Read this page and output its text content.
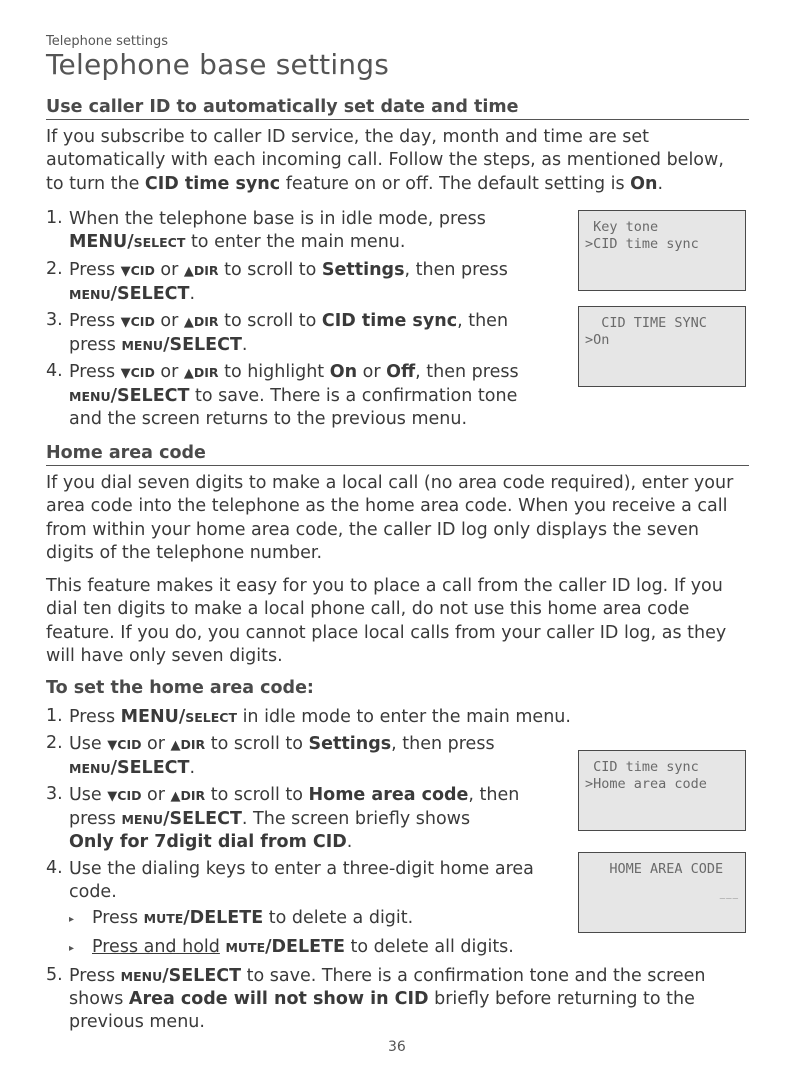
Telephone settings
Telephone base settings
Use caller ID to automatically set date and time
If you subscribe to caller ID service, the day, month and time are set
automatically with each incoming call. Follow the steps, as mentioned below,
to turn the CID time sync feature on or off. The default setting is On.
1. When the telephone base is in idle mode, press
MENU/SELECT to enter the main menu.
2. Press ▼CID or ▲DIR to scroll to Settings, then press
MENU/SELECT.
3. Press ▼CID or ▲DIR to scroll to CID time sync, then
press MENU/SELECT.
4. Press ▼CID or ▲DIR to highlight On or Off, then press
MENU/SELECT to save. There is a confirmation tone
and the screen returns to the previous menu.
Key tone
>CID time sync
CID TIME SYNC
>On
Home area code
If you dial seven digits to make a local call (no area code required), enter your
area code into the telephone as the home area code. When you receive a call
from within your home area code, the caller ID log only displays the seven
digits of the telephone number.
This feature makes it easy for you to place a call from the caller ID log. If you
dial ten digits to make a local phone call, do not use this home area code
feature. If you do, you cannot place local calls from your caller ID log, as they
will have only seven digits.
To set the home area code:
1. Press MENU/SELECT in idle mode to enter the main menu.
2. Use ▼CID or ▲DIR to scroll to Settings, then press
MENU/SELECT.
3. Use ▼CID or ▲DIR to scroll to Home area code, then
press MENU/SELECT. The screen briefly shows
Only for 7digit dial from CID.
4. Use the dialing keys to enter a three-digit home area
code.
▸ Press MUTE/DELETE to delete a digit.
▸ Press and hold MUTE/DELETE to delete all digits.
5. Press MENU/SELECT to save. There is a confirmation tone and the screen
shows Area code will not show in CID briefly before returning to the
previous menu.
CID time sync
>Home area code
HOME AREA CODE
___
36
